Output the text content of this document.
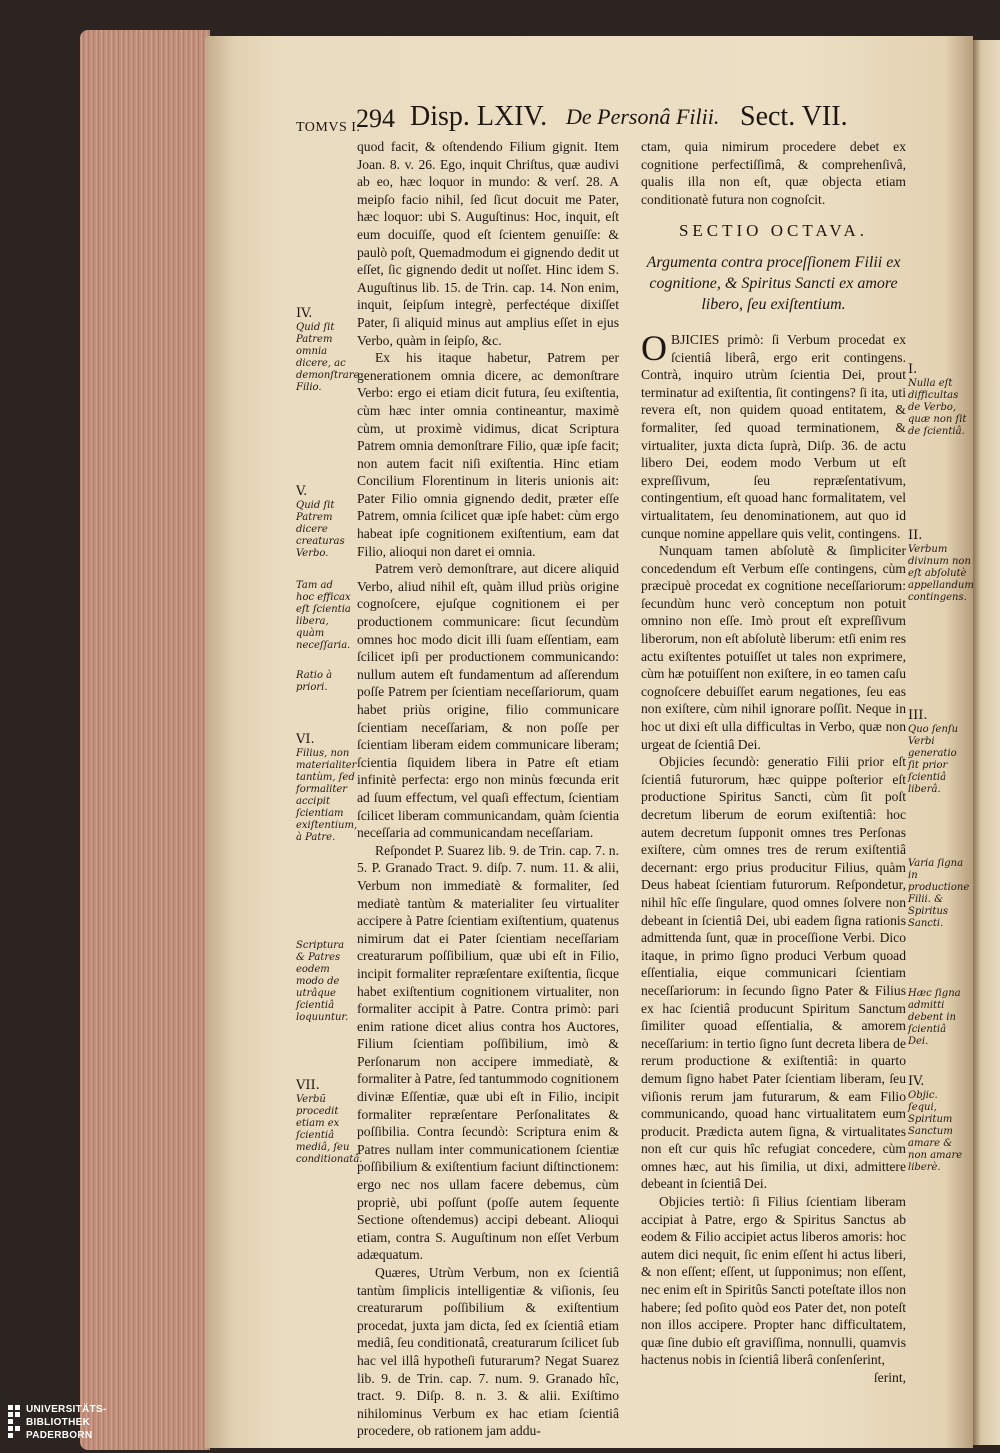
TOMVS I.
294 Disp. LXIV. De Personâ Filii. Sect. VII.

quod facit, & oſtendendo Filium gignit. Item Joan. 8. v. 26. Ego, inquit Chriſtus, quæ audivi ab eo, hæc loquor in mundo: & verſ. 28. A meipſo facio nihil, ſed ſicut docuit me Pater, hæc loquor: ubi S. Auguſtinus: Hoc, inquit, eſt eum docuiſſe, quod eſt ſcientem genuiſſe: & paulò poſt, Quemadmodum ei gignendo dedit ut eſſet, ſic gignendo dedit ut noſſet. Hinc idem S. Auguſtinus lib. 15. de Trin. cap. 14. Non enim, inquit, ſeipſum integrè, perfectéque dixiſſet Pater, ſi aliquid minus aut amplius eſſet in ejus Verbo, quàm in ſeipſo, &c.

Ex his itaque habetur, Patrem per generationem omnia dicere, ac demonſtrare Verbo: ergo ei etiam dicit futura, ſeu exiſtentia, cùm hæc inter omnia contineantur, maximè cùm, ut proximè vidimus, dicat Scriptura Patrem omnia demonſtrare Filio, quæ ipſe facit; non autem facit niſi exiſtentia. Hinc etiam Concilium Florentinum in literis unionis ait: Pater Filio omnia gignendo dedit, præter eſſe Patrem, omnia ſcilicet quæ ipſe habet: cùm ergo habeat ipſe cognitionem exiſtentium, eam dat Filio, alioqui non daret ei omnia.

Patrem verò demonſtrare, aut dicere aliquid Verbo, aliud nihil eſt, quàm illud priùs origine cognoſcere, ejuſque cognitionem ei per productionem communicare: ſicut ſecundùm omnes hoc modo dicit illi ſuam eſſentiam, eam ſcilicet ipſi per productionem communicando: nullum autem eſt fundamentum ad aſſerendum poſſe Patrem per ſcientiam neceſſariorum, quam habet priùs origine, filio communicare ſcientiam neceſſariam, & non poſſe per ſcientiam liberam eidem communicare liberam; ſcientia ſiquidem libera in Patre eſt etiam infinitè perfecta: ergo non minùs fœcunda erit ad ſuum effectum, vel quaſi effectum, ſcientiam ſcilicet liberam communicandam, quàm ſcientia neceſſaria ad communicandam neceſſariam.

Reſpondet P. Suarez lib. 9. de Trin. cap. 7. n. 5. P. Granado Tract. 9. diſp. 7. num. 11. & alii, Verbum non immediatè & formaliter, ſed mediatè tantùm & materialiter ſeu virtualiter accipere à Patre ſcientiam exiſtentium, quatenus nimirum dat ei Pater ſcientiam neceſſariam creaturarum poſſibilium, quæ ubi eſt in Filio, incipit formaliter repræſentare exiſtentia, ſicque habet exiſtentium cognitionem virtualiter, non formaliter accipit à Patre. Contra primò: pari enim ratione dicet alius contra hos Auctores, Filium ſcientiam poſſibilium, imò & Perſonarum non accipere immediatè, & formaliter à Patre, ſed tantummodo cognitionem divinæ Eſſentiæ, quæ ubi eſt in Filio, incipit formaliter repræſentare Perſonalitates & poſſibilia. Contra ſecundò: Scriptura enim & Patres nullam inter communicationem ſcientiæ poſſibilium & exiſtentium faciunt diſtinctionem: ergo nec nos ullam facere debemus, cùm propriè, ubi poſſunt (poſſe autem ſequente Sectione oſtendemus) accipi debeant. Alioqui etiam, contra S. Auguſtinum non eſſet Verbum adæquatum.

Quæres, Utrùm Verbum, non ex ſcientiâ tantùm ſimplicis intelligentiæ & viſionis, ſeu creaturarum poſſibilium & exiſtentium procedat, juxta jam dicta, ſed ex ſcientiâ etiam mediâ, ſeu conditionatâ, creaturarum ſcilicet ſub hac vel illâ hypotheſi futurarum? Negat Suarez lib. 9. de Trin. cap. 7. num. 9. Granado hîc, tract. 9. Diſp. 8. n. 3. & alii. Exiſtimo nihilominus Verbum ex hac etiam ſcientiâ procedere, ob rationem jam addu-

ctam, quia nimirum procedere debet ex cognitione perfectiſſimâ, & comprehenſivâ, qualis illa non eſt, quæ objecta etiam conditionatè futura non cognoſcit.

SECTIO OCTAVA.
Argumenta contra proceſſionem Filii ex cognitione, & Spiritus Sancti ex amore libero, ſeu exiſtentium.

OBJICIES primò: ſi Verbum procedat ex ſcientiâ liberâ, ergo erit contingens. Contrà, inquiro utrùm ſcientia Dei, prout terminatur ad exiſtentia, ſit contingens? ſi ita, uti revera eſt, non quidem quoad entitatem, & formaliter, ſed quoad terminationem, & virtualiter, juxta dicta ſuprà, Diſp. 36. de actu libero Dei, eodem modo Verbum ut eſt expreſſivum, ſeu repræſentativum, contingentium, eſt quoad hanc formalitatem, vel virtualitatem, ſeu denominationem, aut quo id cunque nomine appellare quis velit, contingens.

Nunquam tamen abſolutè & ſimpliciter concedendum eſt Verbum eſſe contingens, cùm præcipuè procedat ex cognitione neceſſariorum: ſecundùm hunc verò conceptum non potuit omnino non eſſe. Imò prout eſt expreſſivum liberorum, non eſt abſolutè liberum: etſi enim res actu exiſtentes potuiſſet ut tales non exprimere, cùm hæ potuiſſent non exiſtere, in eo tamen caſu cognoſcere debuiſſet earum negationes, ſeu eas non exiſtere, cùm nihil ignorare poſſit. Neque in hoc ut dixi eſt ulla difficultas in Verbo, quæ non urgeat de ſcientiâ Dei.

Objicies ſecundò: generatio Filii prior eſt ſcientiâ futurorum, hæc quippe poſterior eſt productione Spiritus Sancti, cùm ſit poſt decretum liberum de eorum exiſtentiâ: hoc autem decretum ſupponit omnes tres Perſonas exiſtere, cùm omnes tres de rerum exiſtentiâ decernant: ergo prius producitur Filius, quàm Deus habeat ſcientiam futurorum. Reſpondetur, nihil hîc eſſe ſingulare, quod omnes ſolvere non debeant in ſcientiâ Dei, ubi eadem ſigna rationis admittenda ſunt, quæ in proceſſione Verbi. Dico itaque, in primo ſigno produci Verbum quoad eſſentialia, eique communicari ſcientiam neceſſariorum: in ſecundo ſigno Pater & Filius ex hac ſcientiâ producunt Spiritum Sanctum ſimiliter quoad eſſentialia, & amorem neceſſarium: in tertio ſigno ſunt decreta libera de rerum productione & exiſtentiâ: in quarto demum ſigno habet Pater ſcientiam liberam, ſeu viſionis rerum jam futurarum, & eam Filio communicando, quoad hanc virtualitatem eum producit. Prædicta autem ſigna, & virtualitates non eſt cur quis hîc refugiat concedere, cùm omnes hæc, aut his ſimilia, ut dixi, admittere debeant in ſcientiâ Dei.

Objicies tertiò: ſi Filius ſcientiam liberam accipiat à Patre, ergo & Spiritus Sanctus ab eodem & Filio accipiet actus liberos amoris: hoc autem dici nequit, ſic enim eſſent hi actus liberi, & non eſſent; eſſent, ut ſupponimus; non eſſent, nec enim eſt in Spiritûs Sancti poteſtate illos non habere; ſed poſito quòd eos Pater det, non poteſt non illos accipere. Propter hanc difficultatem, quæ ſine dubio eſt graviſſima, nonnulli, quamvis hactenus nobis in ſcientiâ liberâ conſenſerint,

ſerint,

IV.
Quid ſit Patrem omnia dicere, ac demonſtrare Filio.
V.
Quid ſit Patrem dicere creaturas Verbo.
Tam ad hoc efficax eſt ſcientia libera, quàm neceſſaria.
Ratio à priori.
VI.
Filius, non materialiter tantùm, ſed formaliter accipit ſcientiam exiſtentium, à Patre.
Scriptura & Patres eodem modo de utrâque ſcientiâ loquuntur.
VII.
Verbũ procedit etiam ex ſcientiâ mediâ, ſeu conditionatâ.
I.
Nulla eſt difficultas de Verbo, quæ non ſit de ſcientiâ.
II.
Verbum divinum non eſt abſolutè appellandum contingens.
III.
Quo ſenſu Verbi generatio ſit prior ſcientiâ liberâ.
Varia ſigna in productione Filii. & Spiritus Sancti.
Hæc ſigna admitti debent in ſcientiâ Dei.
IV.
Objic. ſequi, Spiritum Sanctum amare & non amare liberè.
UNIVERSITÄTS-
BIBLIOTHEK
PADERBORN
